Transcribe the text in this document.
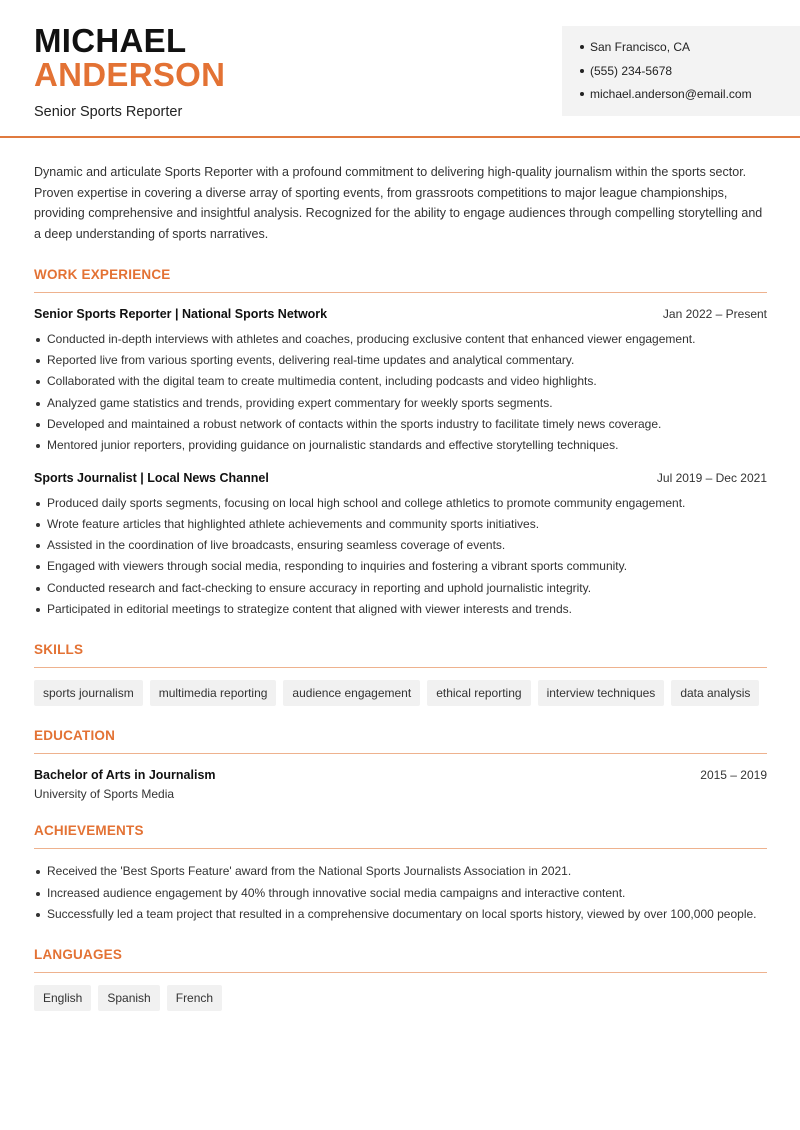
MICHAEL
ANDERSON
Senior Sports Reporter
San Francisco, CA
(555) 234-5678
michael.anderson@email.com

Dynamic and articulate Sports Reporter with a profound commitment to delivering high-quality journalism within the sports sector. Proven expertise in covering a diverse array of sporting events, from grassroots competitions to major league championships, providing comprehensive and insightful analysis. Recognized for the ability to engage audiences through compelling storytelling and a deep understanding of sports narratives.

WORK EXPERIENCE
Senior Sports Reporter | National Sports Network	Jan 2022 – Present
Conducted in-depth interviews with athletes and coaches, producing exclusive content that enhanced viewer engagement.
Reported live from various sporting events, delivering real-time updates and analytical commentary.
Collaborated with the digital team to create multimedia content, including podcasts and video highlights.
Analyzed game statistics and trends, providing expert commentary for weekly sports segments.
Developed and maintained a robust network of contacts within the sports industry to facilitate timely news coverage.
Mentored junior reporters, providing guidance on journalistic standards and effective storytelling techniques.
Sports Journalist | Local News Channel	Jul 2019 – Dec 2021
Produced daily sports segments, focusing on local high school and college athletics to promote community engagement.
Wrote feature articles that highlighted athlete achievements and community sports initiatives.
Assisted in the coordination of live broadcasts, ensuring seamless coverage of events.
Engaged with viewers through social media, responding to inquiries and fostering a vibrant sports community.
Conducted research and fact-checking to ensure accuracy in reporting and uphold journalistic integrity.
Participated in editorial meetings to strategize content that aligned with viewer interests and trends.
SKILLS
sports journalism	multimedia reporting	audience engagement	ethical reporting	interview techniques	data analysis
EDUCATION
Bachelor of Arts in Journalism	2015 – 2019
University of Sports Media
ACHIEVEMENTS
Received the 'Best Sports Feature' award from the National Sports Journalists Association in 2021.
Increased audience engagement by 40% through innovative social media campaigns and interactive content.
Successfully led a team project that resulted in a comprehensive documentary on local sports history, viewed by over 100,000 people.
LANGUAGES
English	Spanish	French
